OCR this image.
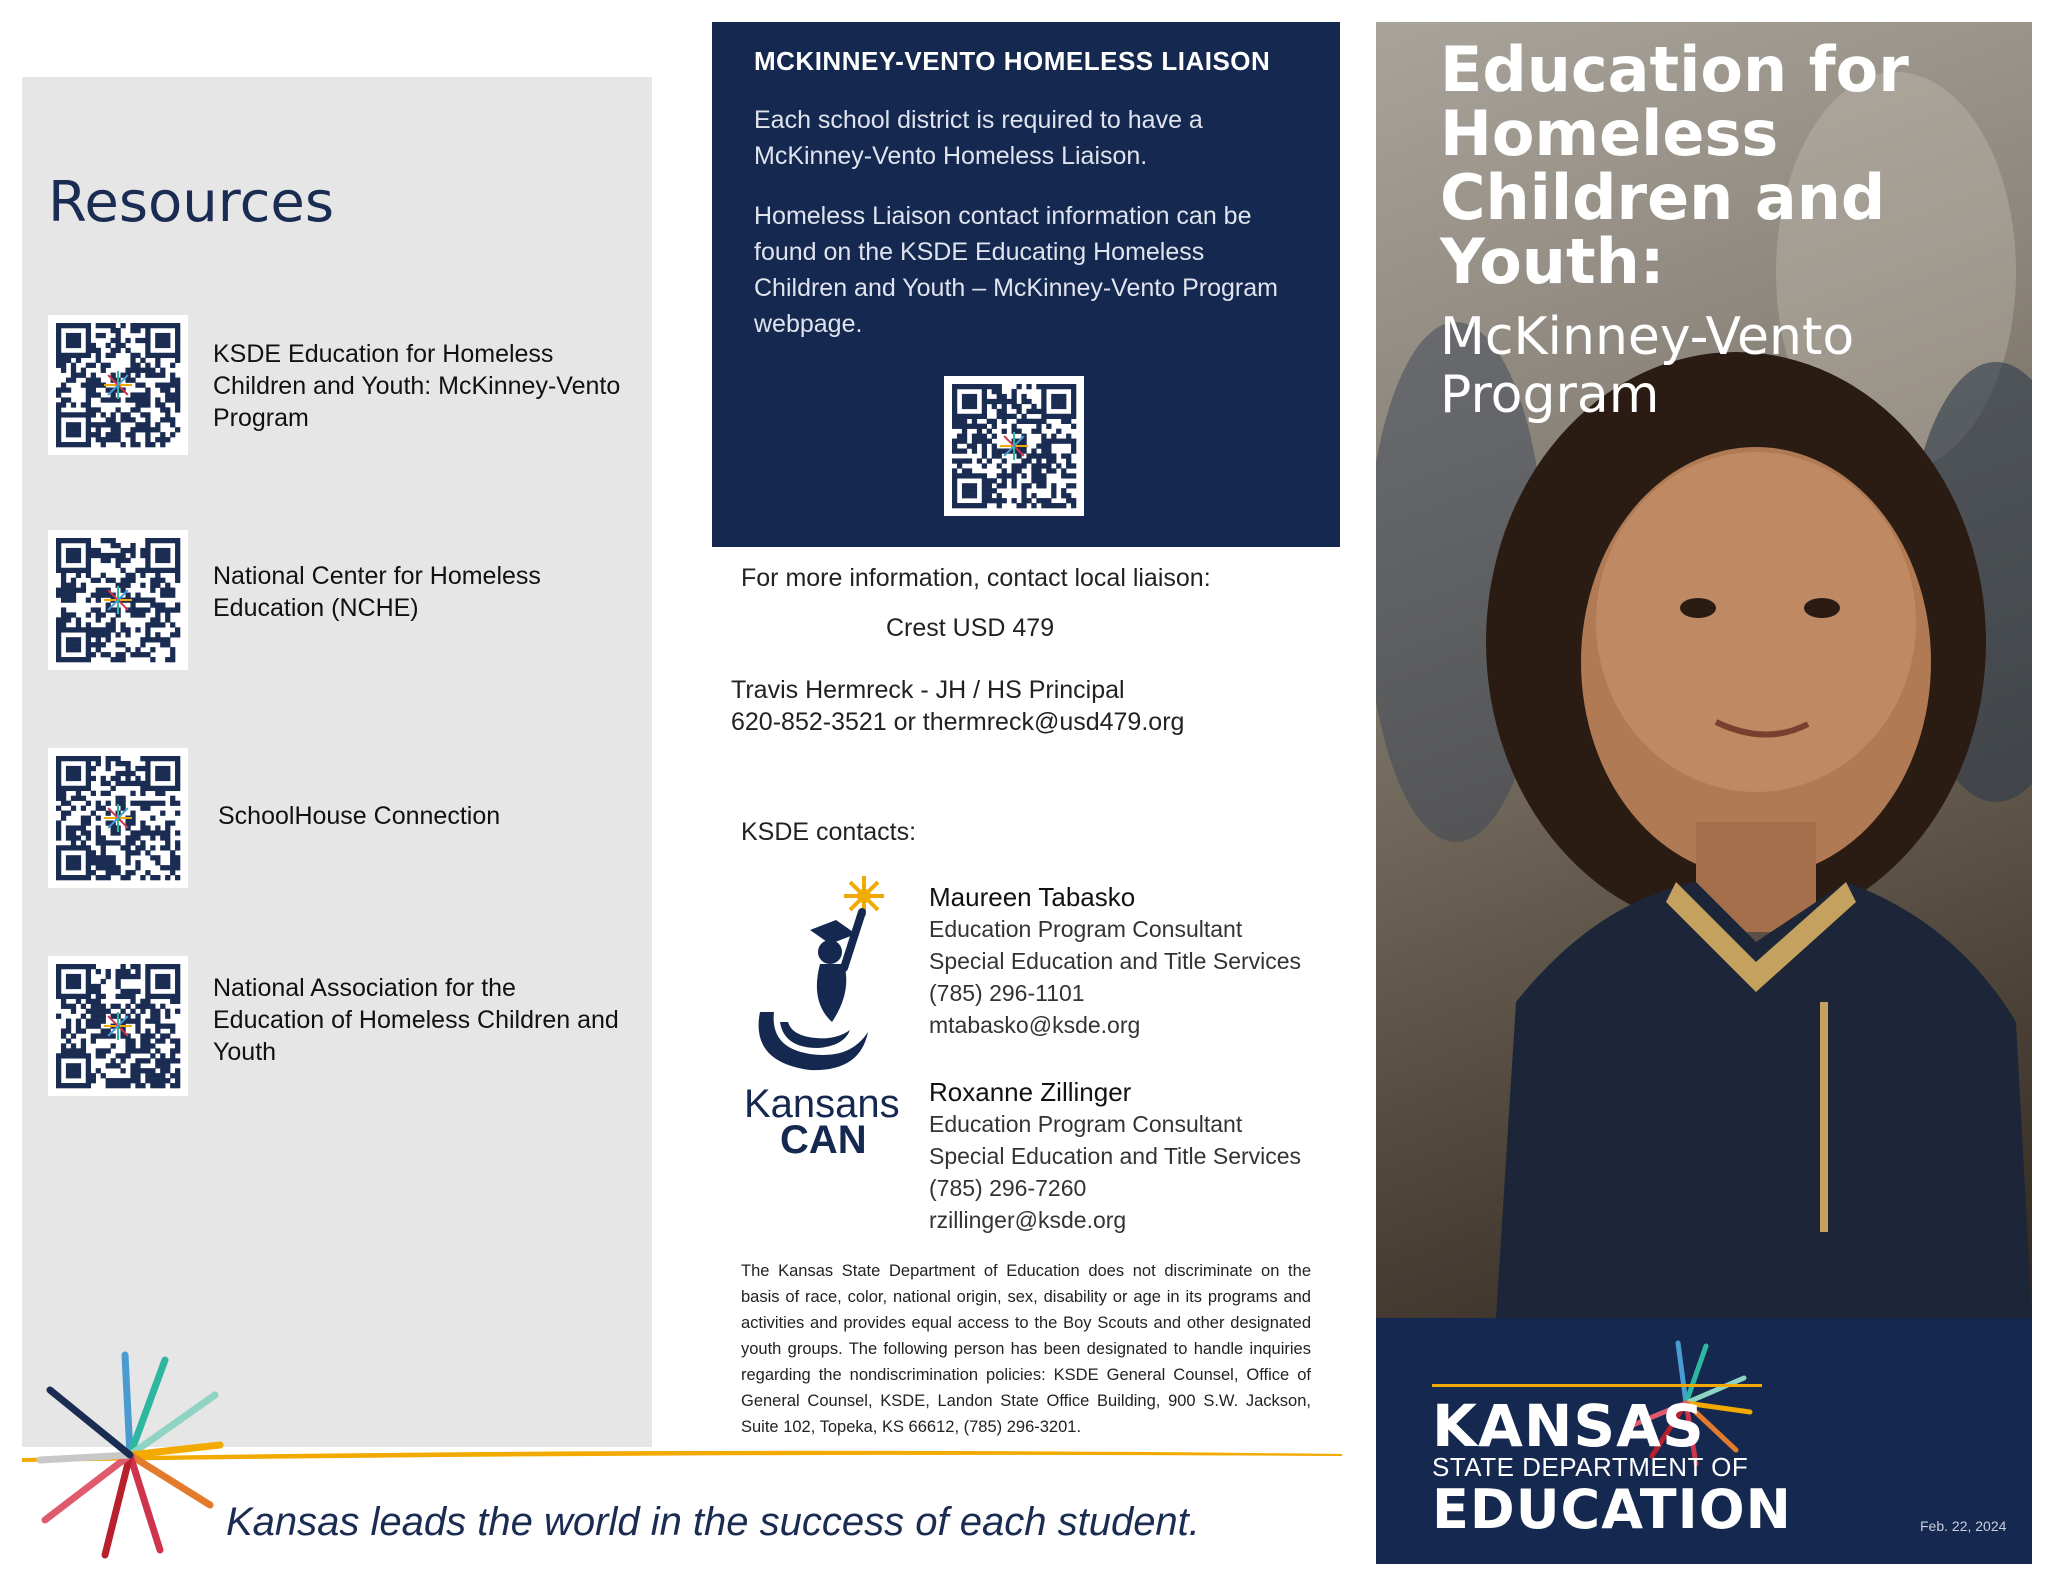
Resources
KSDE Education for Homeless Children and Youth: McKinney-Vento Program
National Center for Homeless Education (NCHE)
SchoolHouse Connection
National Association for the Education of Homeless Children and Youth
MCKINNEY-VENTO HOMELESS LIAISON
Each school district is required to have a McKinney-Vento Homeless Liaison.
Homeless Liaison contact information can be found on the KSDE Educating Homeless Children and Youth – McKinney-Vento Program webpage.
For more information, contact local liaison:
Crest USD 479
Travis Hermreck - JH / HS Principal
620-852-3521 or thermreck@usd479.org
KSDE contacts:
Kansans
CAN
Maureen Tabasko
Education Program Consultant
Special Education and Title Services
(785) 296-1101
mtabasko@ksde.org
Roxanne Zillinger
Education Program Consultant
Special Education and Title Services
(785) 296-7260
rzillinger@ksde.org
The Kansas State Department of Education does not discriminate on the basis of race, color, national origin, sex, disability or age in its programs and activities and provides equal access to the Boy Scouts and other designated youth groups. The following person has been designated to handle inquiries regarding the nondiscrimination policies: KSDE General Counsel, Office of General Counsel, KSDE, Landon State Office Building, 900 S.W. Jackson, Suite 102, Topeka, KS 66612, (785) 296-3201.
Kansas leads the world in the success of each student.
Education for Homeless Children and Youth:
McKinney-Vento Program
KANSAS
STATE DEPARTMENT OF
EDUCATION	Feb. 22, 2024
